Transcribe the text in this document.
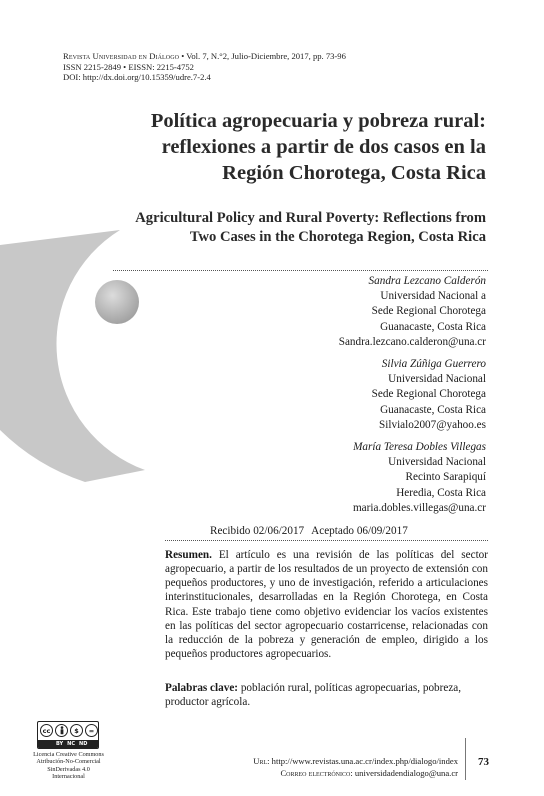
Revista Universidad en Diálogo • Vol. 7, N.°2, Julio-Diciembre, 2017, pp. 73-96
ISSN 2215-2849 • EISSN: 2215-4752
DOI: http://dx.doi.org/10.15359/udre.7-2.4
Política agropecuaria y pobreza rural:
reflexiones a partir de dos casos en la
Región Chorotega, Costa Rica
Agricultural Policy and Rural Poverty: Reflections from
Two Cases in the Chorotega Region, Costa Rica
Sandra Lezcano Calderón
Universidad Nacional a
Sede Regional Chorotega
Guanacaste, Costa Rica
Sandra.lezcano.calderon@una.cr
Silvia Zúñiga Guerrero
Universidad Nacional
Sede Regional Chorotega
Guanacaste, Costa Rica
Silvialo2007@yahoo.es
María Teresa Dobles Villegas
Universidad Nacional
Recinto Sarapiquí
Heredia, Costa Rica
maria.dobles.villegas@una.cr
Recibido 02/06/2017 Aceptado 06/09/2017
Resumen. El artículo es una revisión de las políticas del sector agropecuario, a partir de los resultados de un proyecto de extensión con pequeños productores, y uno de investigación, referido a articulaciones interinstitucionales, desarrolladas en la Región Chorotega, en Costa Rica. Este trabajo tiene como objetivo evidenciar los vacíos existentes en las políticas del sector agropecuario costarricense, relacionadas con la reducción de la pobreza y generación de empleo, dirigido a los pequeños productores agropecuarios.
Palabras clave: población rural, políticas agropecuarias, pobreza, productor agrícola.
cc	$	=
BY NC ND
Licencia Creative Commons
Atribución-No-Comercial
SinDerivadas 4.0 Internacional
Url: http://www.revistas.una.ac.cr/index.php/dialogo/index
Correo electrónico: universidadendialogo@una.cr
73
